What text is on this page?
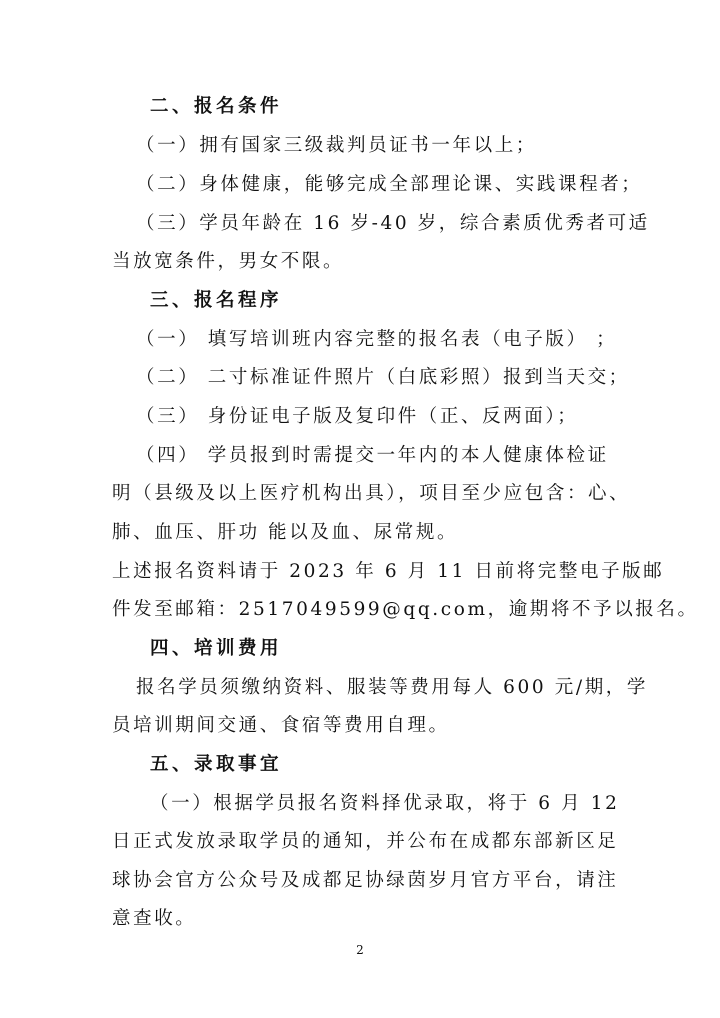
二、报名条件

（一）拥有国家三级裁判员证书一年以上；

（二）身体健康，能够完成全部理论课、实践课程者；

（三）学员年龄在 16 岁-40 岁，综合素质优秀者可适

当放宽条件，男女不限。

三、报名程序

（一） 填写培训班内容完整的报名表（电子版） ；

（二） 二寸标准证件照片（白底彩照）报到当天交；

（三） 身份证电子版及复印件（正、反两面）；

（四） 学员报到时需提交一年内的本人健康体检证

明（县级及以上医疗机构出具），项目至少应包含：心、

肺、血压、肝功 能以及血、尿常规。

上述报名资料请于 2023 年 6 月 11 日前将完整电子版邮

件发至邮箱：2517049599@qq.com，逾期将不予以报名。

四、培训费用

报名学员须缴纳资料、服装等费用每人 600 元/期，学

员培训期间交通、食宿等费用自理。

五、录取事宜

（一）根据学员报名资料择优录取，将于 6 月 12

日正式发放录取学员的通知，并公布在成都东部新区足

球协会官方公众号及成都足协绿茵岁月官方平台，请注

意查收。

2
